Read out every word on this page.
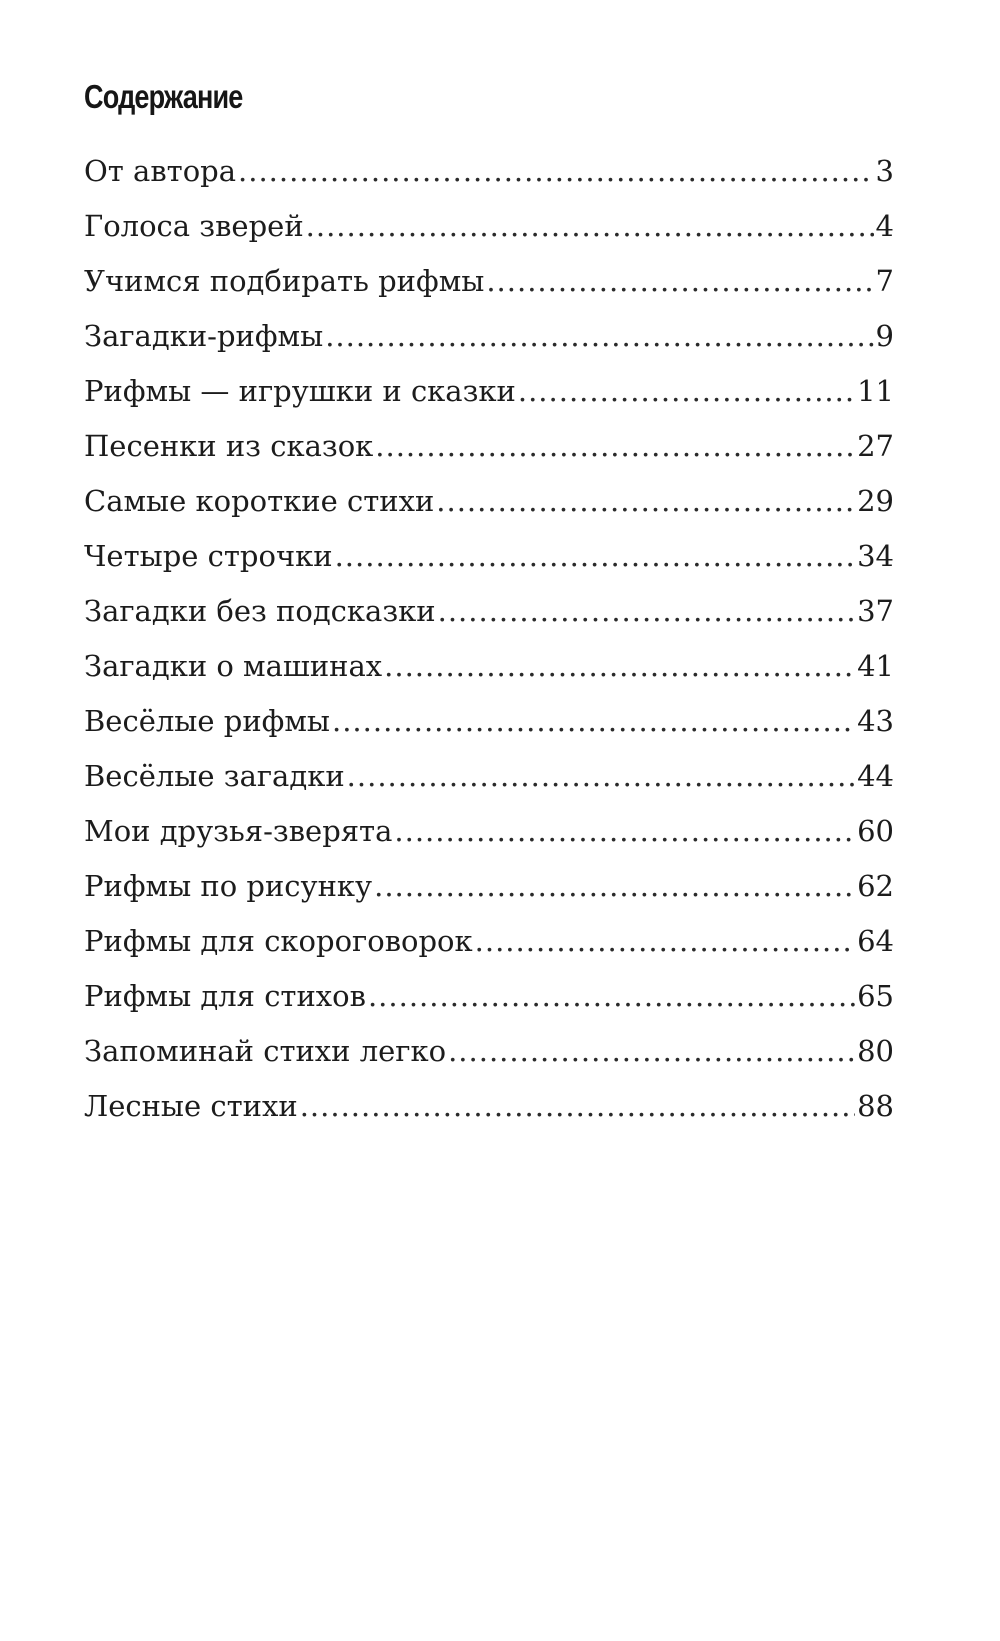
Содержание
От автора .....	3
Голоса зверей .....	4
Учимся подбирать рифмы .....	7
Загадки-рифмы .....	9
Рифмы — игрушки и сказки .....	11
Песенки из сказок .....	27
Самые короткие стихи .....	29
Четыре строчки .....	34
Загадки без подсказки .....	37
Загадки о машинах .....	41
Весёлые рифмы .....	43
Весёлые загадки .....	44
Мои друзья-зверята .....	60
Рифмы по рисунку .....	62
Рифмы для скороговорок .....	64
Рифмы для стихов .....	65
Запоминай стихи легко .....	80
Лесные стихи .....	88
